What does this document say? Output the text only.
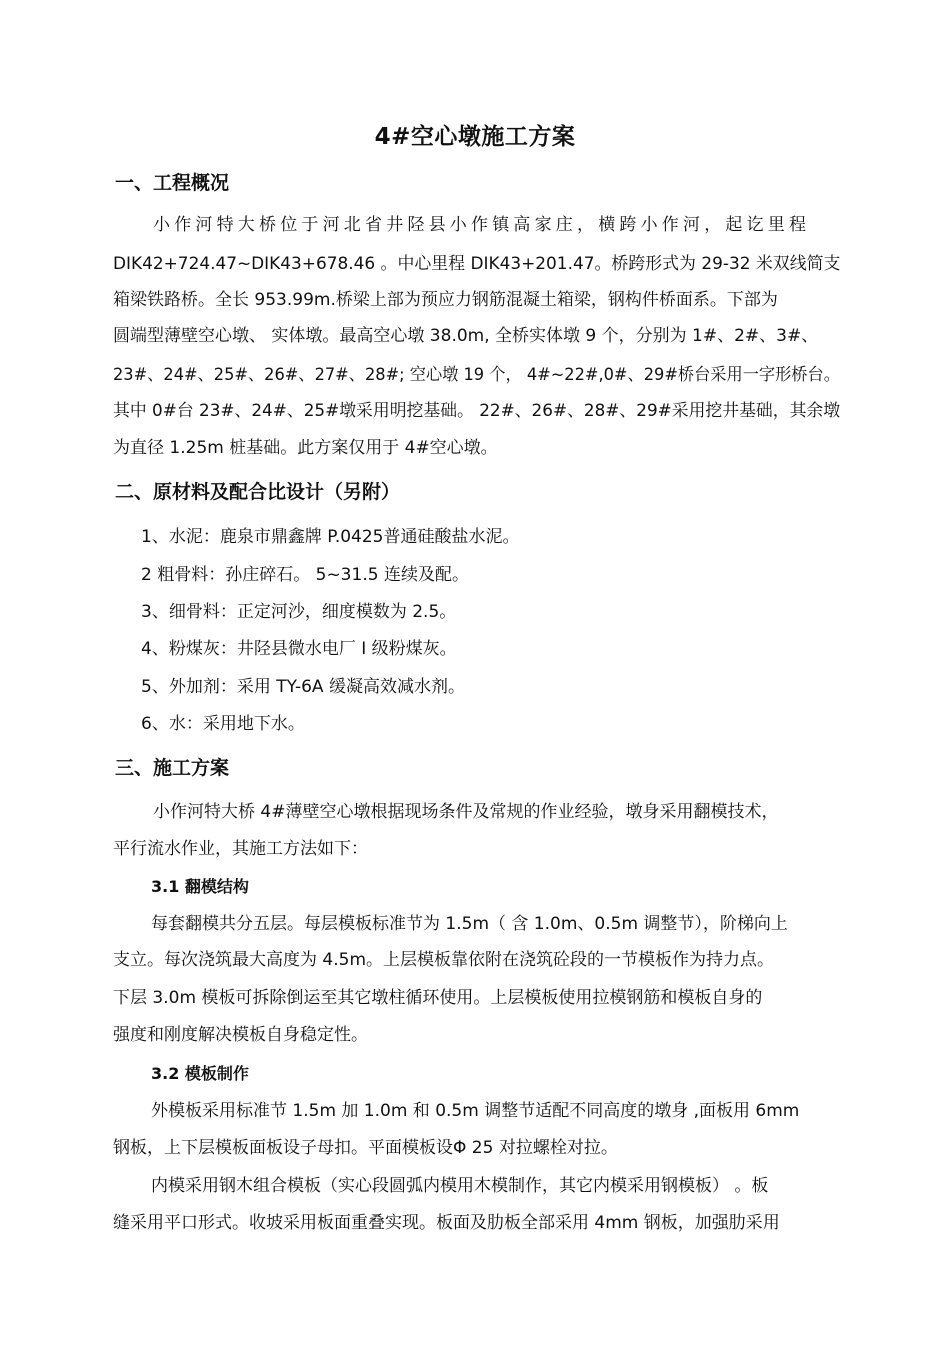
4#空心墩施工方案
一、工程概况

小作河特大桥位于河北省井陉县小作镇高家庄，横跨小作河，起讫里程

DIK42+724.47~DIK43+678.46 。中心里程 DIK43+201.47。桥跨形式为 29-32 米双线简支

箱梁铁路桥。全长 953.99m.桥梁上部为预应力钢筋混凝土箱梁，钢构件桥面系。下部为

圆端型薄壁空心墩、 实体墩。最高空心墩 38.0m, 全桥实体墩 9 个，分别为 1#、2#、3#、

23#、24#、25#、26#、27#、28#; 空心墩 19 个， 4#~22#,0#、29#桥台采用一字形桥台。

其中 0#台 23#、24#、25#墩采用明挖基础。 22#、26#、28#、29#采用挖井基础，其余墩

为直径 1.25m 桩基础。此方案仅用于 4#空心墩。

二、原材料及配合比设计（另附）

1、水泥：鹿泉市鼎鑫牌 P.0425普通硅酸盐水泥。

2 粗骨料：孙庄碎石。 5~31.5 连续及配。

3、细骨料：正定河沙，细度模数为 2.5。

4、粉煤灰：井陉县微水电厂 I 级粉煤灰。

5、外加剂：采用 TY-6A 缓凝高效减水剂。

6、水：采用地下水。

三、施工方案

小作河特大桥 4#薄壁空心墩根据现场条件及常规的作业经验，墩身采用翻模技术，

平行流水作业，其施工方法如下：

3.1 翻模结构

每套翻模共分五层。每层模板标准节为 1.5m（ 含 1.0m、0.5m 调整节），阶梯向上

支立。每次浇筑最大高度为 4.5m。上层模板靠依附在浇筑砼段的一节模板作为持力点。

下层 3.0m 模板可拆除倒运至其它墩柱循环使用。上层模板使用拉模钢筋和模板自身的

强度和刚度解决模板自身稳定性。

3.2 模板制作

外模板采用标准节 1.5m 加 1.0m 和 0.5m 调整节适配不同高度的墩身 ,面板用 6mm

钢板，上下层模板面板设子母扣。平面模板设Φ 25 对拉螺栓对拉。

内模采用钢木组合模板（实心段圆弧内模用木模制作，其它内模采用钢模板） 。板

缝采用平口形式。收坡采用板面重叠实现。板面及肋板全部采用 4mm 钢板，加强肋采用
